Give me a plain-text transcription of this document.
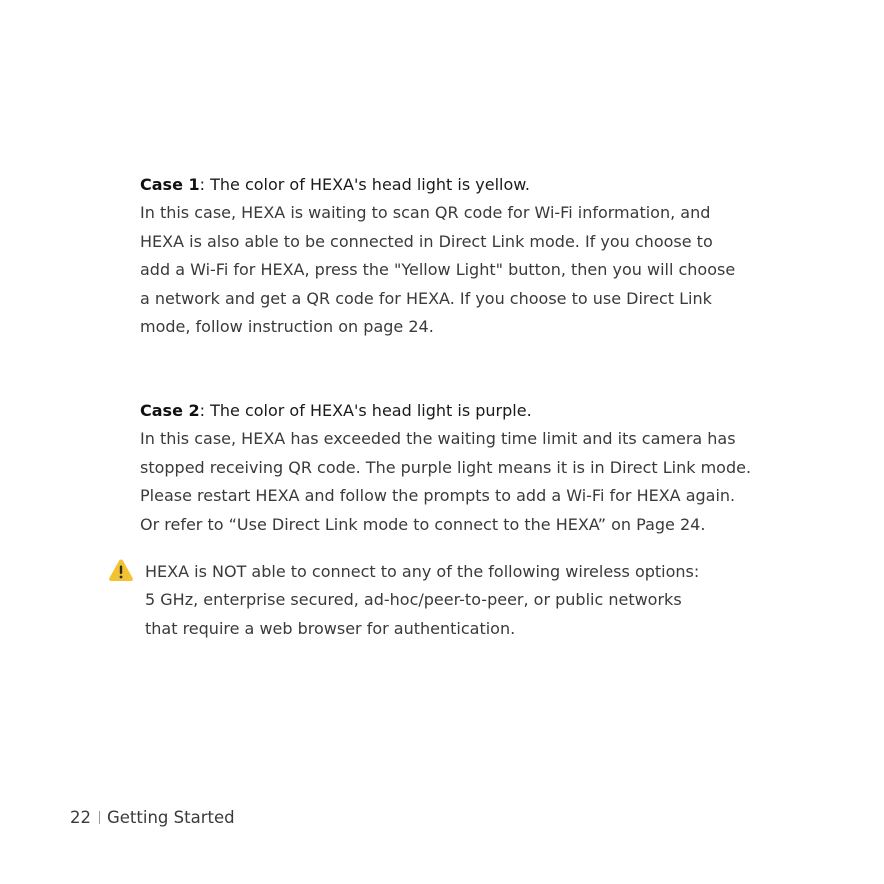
Case 1: The color of HEXA's head light is yellow.

In this case, HEXA is waiting to scan QR code for Wi-Fi information, and

HEXA is also able to be connected in Direct Link mode. If you choose to

add a Wi-Fi for HEXA, press the "Yellow Light" button, then you will choose

a network and get a QR code for HEXA. If you choose to use Direct Link

mode, follow instruction on page 24.

Case 2: The color of HEXA's head light is purple.

In this case, HEXA has exceeded the waiting time limit and its camera has

stopped receiving QR code. The purple light means it is in Direct Link mode.

Please restart HEXA and follow the prompts to add a Wi-Fi for HEXA again.

Or refer to “Use Direct Link mode to connect to the HEXA” on Page 24.

HEXA is NOT able to connect to any of the following wireless options:

5 GHz, enterprise secured, ad-hoc/peer-to-peer, or public networks

that require a web browser for authentication.

22 Getting Started
